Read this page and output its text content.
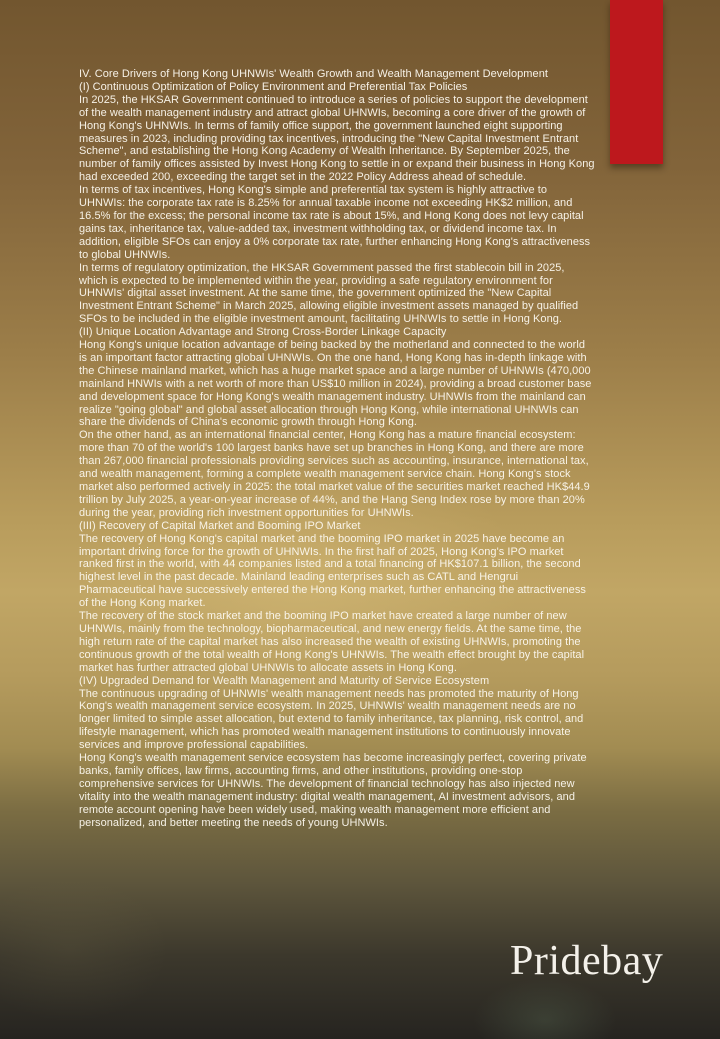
IV. Core Drivers of Hong Kong UHNWIs' Wealth Growth and Wealth Management Development

(I) Continuous Optimization of Policy Environment and Preferential Tax Policies

In 2025, the HKSAR Government continued to introduce a series of policies to support the development of the wealth management industry and attract global UHNWIs, becoming a core driver of the growth of Hong Kong's UHNWIs. In terms of family office support, the government launched eight supporting measures in 2023, including providing tax incentives, introducing the "New Capital Investment Entrant Scheme", and establishing the Hong Kong Academy of Wealth Inheritance. By September 2025, the number of family offices assisted by Invest Hong Kong to settle in or expand their business in Hong Kong had exceeded 200, exceeding the target set in the 2022 Policy Address ahead of schedule.

In terms of tax incentives, Hong Kong's simple and preferential tax system is highly attractive to UHNWIs: the corporate tax rate is 8.25% for annual taxable income not exceeding HK$2 million, and 16.5% for the excess; the personal income tax rate is about 15%, and Hong Kong does not levy capital gains tax, inheritance tax, value-added tax, investment withholding tax, or dividend income tax. In addition, eligible SFOs can enjoy a 0% corporate tax rate, further enhancing Hong Kong's attractiveness to global UHNWIs.

In terms of regulatory optimization, the HKSAR Government passed the first stablecoin bill in 2025, which is expected to be implemented within the year, providing a safe regulatory environment for UHNWIs' digital asset investment. At the same time, the government optimized the "New Capital Investment Entrant Scheme" in March 2025, allowing eligible investment assets managed by qualified SFOs to be included in the eligible investment amount, facilitating UHNWIs to settle in Hong Kong.

(II) Unique Location Advantage and Strong Cross-Border Linkage Capacity

Hong Kong's unique location advantage of being backed by the motherland and connected to the world is an important factor attracting global UHNWIs. On the one hand, Hong Kong has in-depth linkage with the Chinese mainland market, which has a huge market space and a large number of UHNWIs (470,000 mainland HNWIs with a net worth of more than US$10 million in 2024), providing a broad customer base and development space for Hong Kong's wealth management industry. UHNWIs from the mainland can realize "going global" and global asset allocation through Hong Kong, while international UHNWIs can share the dividends of China's economic growth through Hong Kong.

On the other hand, as an international financial center, Hong Kong has a mature financial ecosystem: more than 70 of the world's 100 largest banks have set up branches in Hong Kong, and there are more than 267,000 financial professionals providing services such as accounting, insurance, international tax, and wealth management, forming a complete wealth management service chain. Hong Kong's stock market also performed actively in 2025: the total market value of the securities market reached HK$44.9 trillion by July 2025, a year-on-year increase of 44%, and the Hang Seng Index rose by more than 20% during the year, providing rich investment opportunities for UHNWIs.

(III) Recovery of Capital Market and Booming IPO Market

The recovery of Hong Kong's capital market and the booming IPO market in 2025 have become an important driving force for the growth of UHNWIs. In the first half of 2025, Hong Kong's IPO market ranked first in the world, with 44 companies listed and a total financing of HK$107.1 billion, the second highest level in the past decade. Mainland leading enterprises such as CATL and Hengrui Pharmaceutical have successively entered the Hong Kong market, further enhancing the attractiveness of the Hong Kong market.

The recovery of the stock market and the booming IPO market have created a large number of new UHNWIs, mainly from the technology, biopharmaceutical, and new energy fields. At the same time, the high return rate of the capital market has also increased the wealth of existing UHNWIs, promoting the continuous growth of the total wealth of Hong Kong's UHNWIs. The wealth effect brought by the capital market has further attracted global UHNWIs to allocate assets in Hong Kong.

(IV) Upgraded Demand for Wealth Management and Maturity of Service Ecosystem

The continuous upgrading of UHNWIs' wealth management needs has promoted the maturity of Hong Kong's wealth management service ecosystem. In 2025, UHNWIs' wealth management needs are no longer limited to simple asset allocation, but extend to family inheritance, tax planning, risk control, and lifestyle management, which has promoted wealth management institutions to continuously innovate services and improve professional capabilities.

Hong Kong's wealth management service ecosystem has become increasingly perfect, covering private banks, family offices, law firms, accounting firms, and other institutions, providing one-stop comprehensive services for UHNWIs. The development of financial technology has also injected new vitality into the wealth management industry: digital wealth management, AI investment advisors, and remote account opening have been widely used, making wealth management more efficient and personalized, and better meeting the needs of young UHNWIs.

Pridebay
